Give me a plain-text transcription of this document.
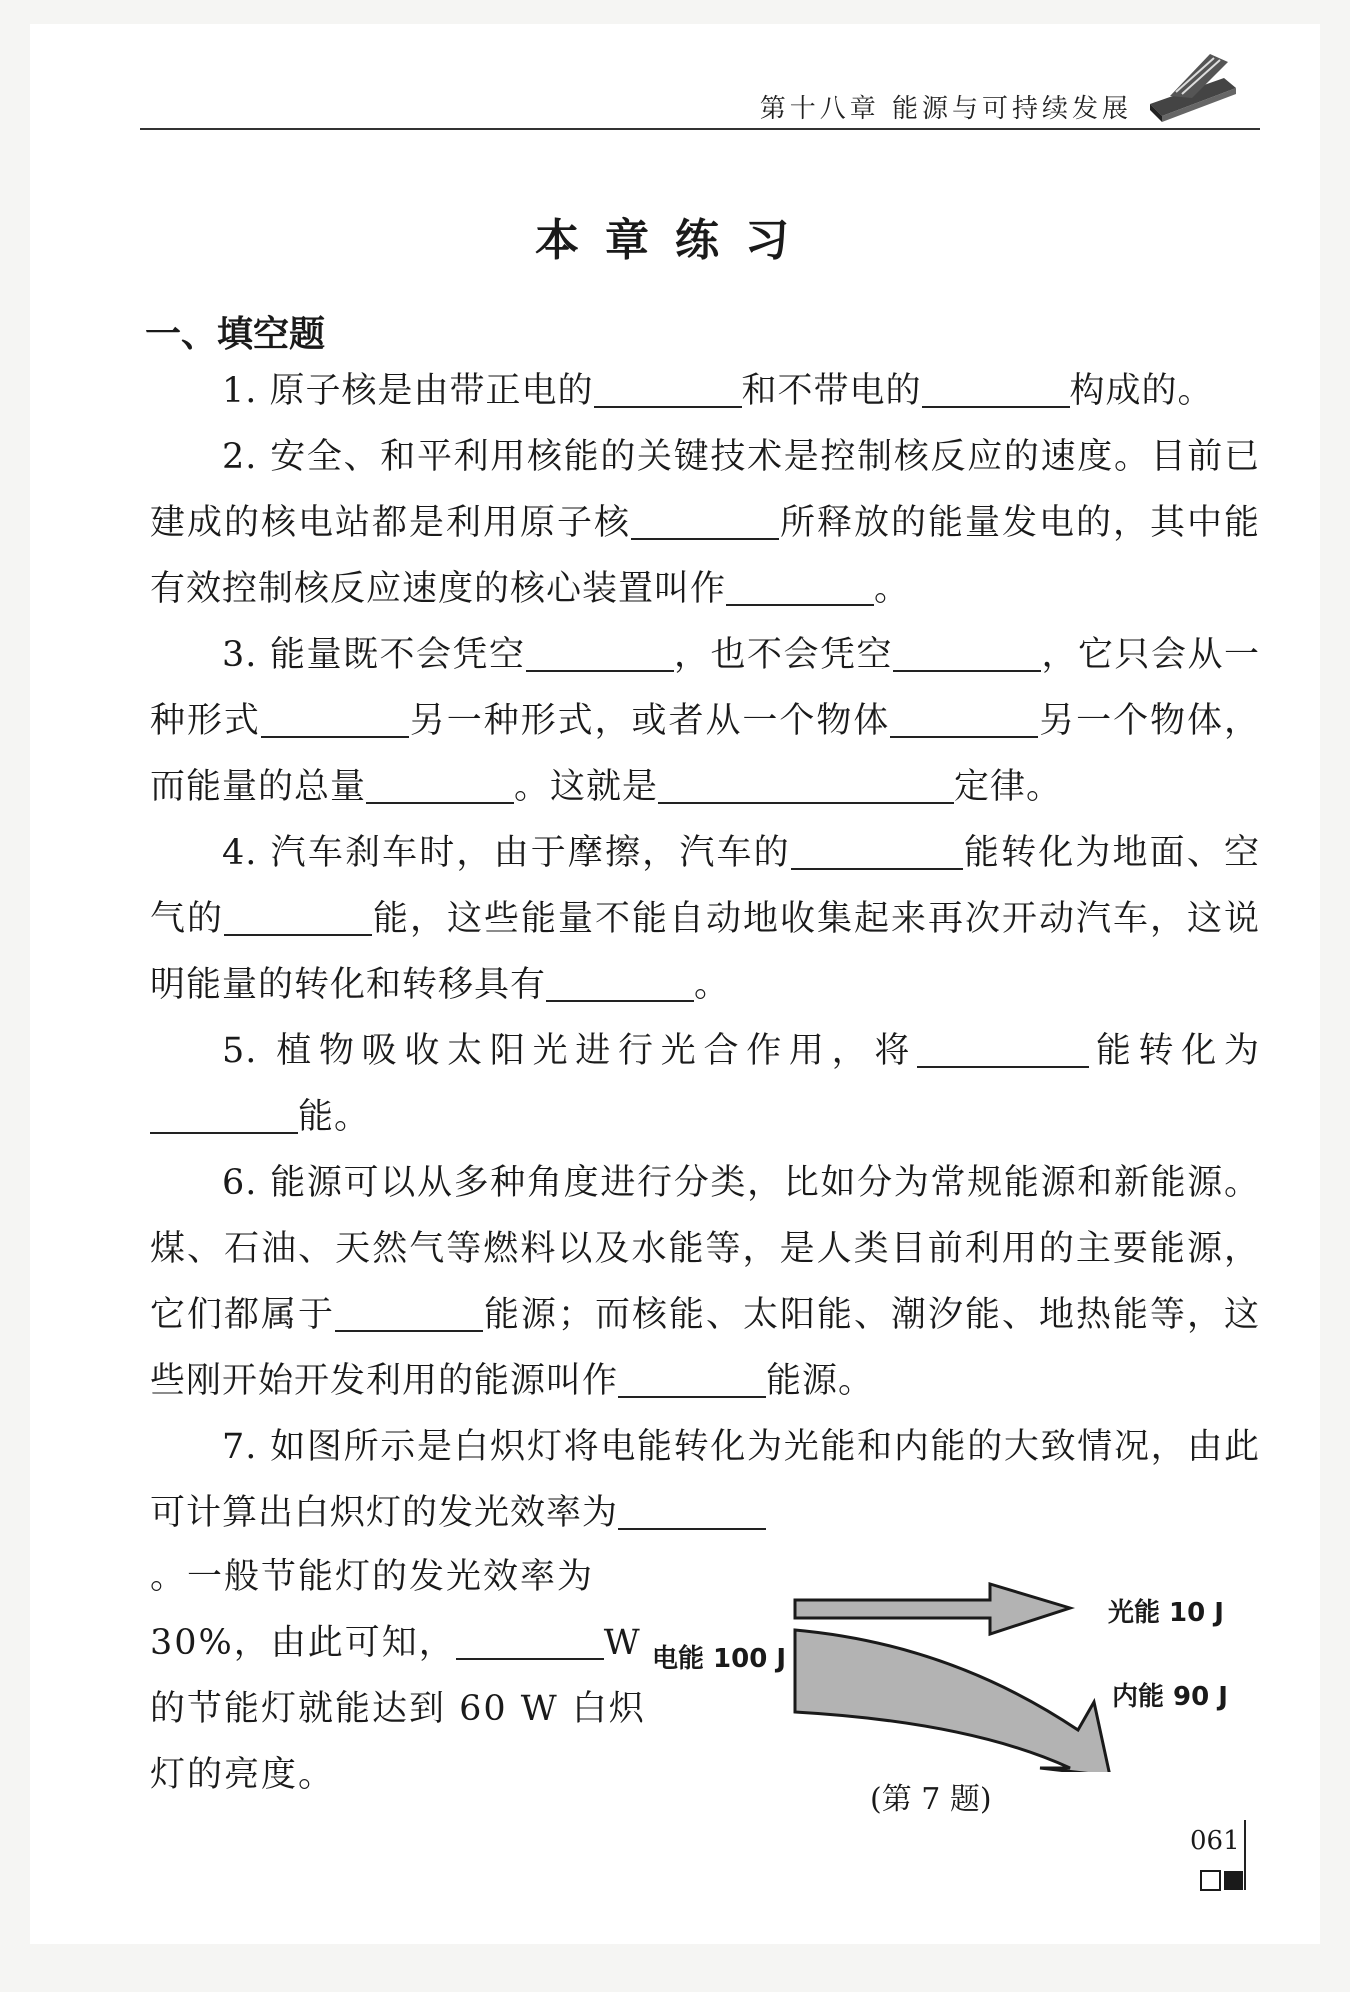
第十八章 能源与可持续发展
本章练习
一、填空题

1. 原子核是由带正电的	和不带电的	构成的。

2. 安全、和平利用核能的关键技术是控制核反应的速度。目前已建成的核电站都是利用原子核	所释放的能量发电的，其中能有效控制核反应速度的核心装置叫作	。

3. 能量既不会凭空	，也不会凭空	，它只会从一种形式	另一种形式，或者从一个物体	另一个物体，而能量的总量	。这就是	定律。

4. 汽车刹车时，由于摩擦，汽车的	能转化为地面、空气的	能，这些能量不能自动地收集起来再次开动汽车，这说明能量的转化和转移具有	。

5. 植物吸收太阳光进行光合作用，将	能转化为能。

6. 能源可以从多种角度进行分类，比如分为常规能源和新能源。煤、石油、天然气等燃料以及水能等，是人类目前利用的主要能源，它们都属于	能源；而核能、太阳能、潮汐能、地热能等，这些刚开始开发利用的能源叫作	能源。

7. 如图所示是白炽灯将电能转化为光能和内能的大致情况，由此可计算出白炽灯的发光效率为

。一般节能灯的发光效率为 30%，由此可知，	W 的节能灯就能达到 60 W 白炽灯的亮度。
电能 100 J
光能 10 J
内能 90 J
(第 7 题)
061
